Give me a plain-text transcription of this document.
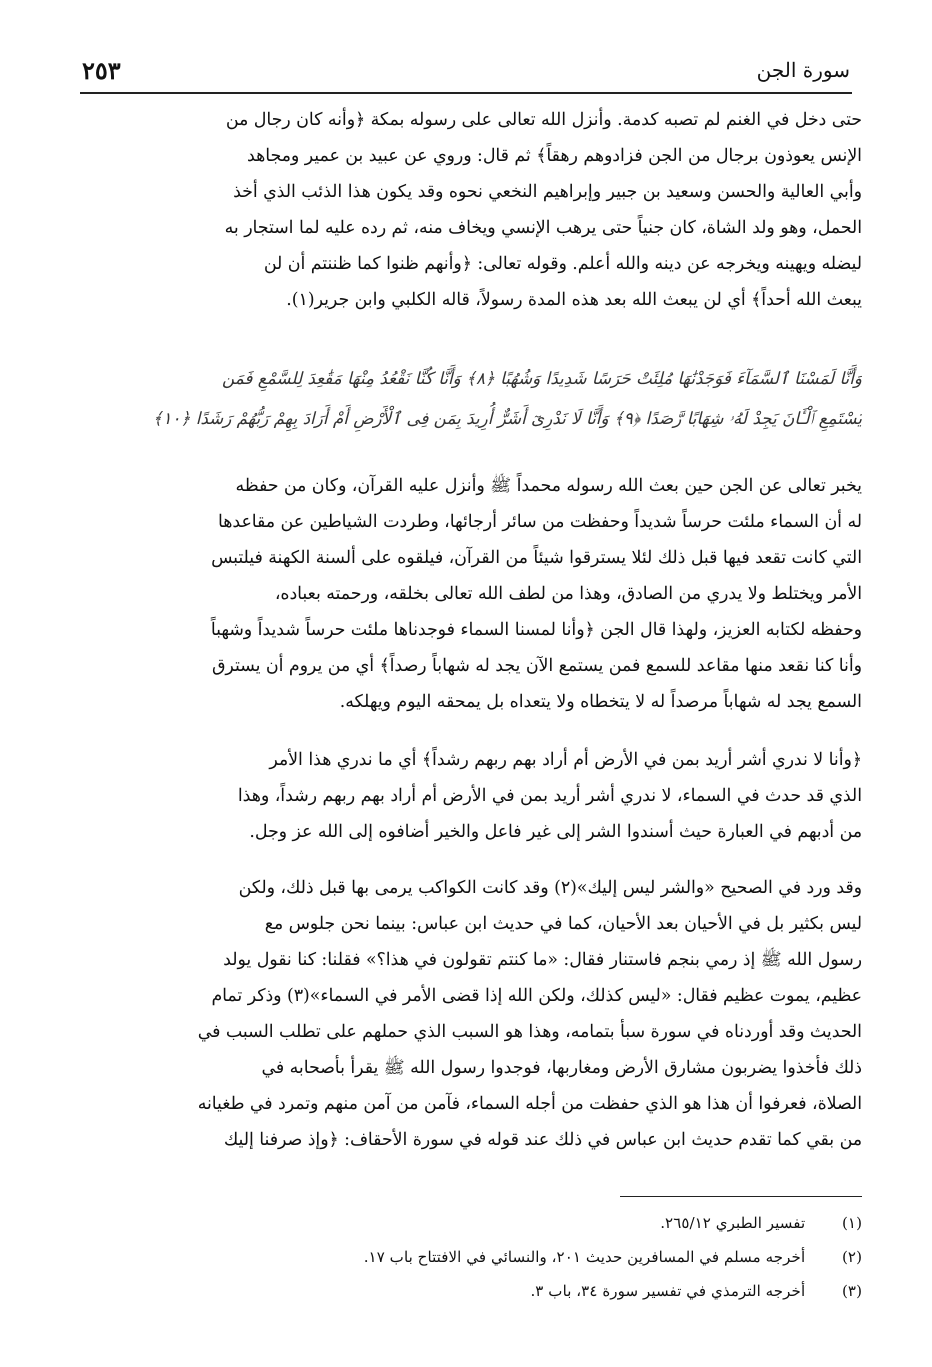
٢٥٣	سورة الجن
حتى دخل في الغنم لم تصبه كدمة. وأنزل الله تعالى على رسوله بمكة ﴿وأنه كان رجال من
الإنس يعوذون برجال من الجن فزادوهم رهقاً﴾ ثم قال: وروي عن عبيد بن عمير ومجاهد
وأبي العالية والحسن وسعيد بن جبير وإبراهيم النخعي نحوه وقد يكون هذا الذئب الذي أخذ
الحمل، وهو ولد الشاة، كان جنياً حتى يرهب الإنسي ويخاف منه، ثم رده عليه لما استجار به
ليضله ويهينه ويخرجه عن دينه والله أعلم. وقوله تعالى: ﴿وأنهم ظنوا كما ظننتم أن لن
يبعث الله أحداً﴾ أي لن يبعث الله بعد هذه المدة رسولاً، قاله الكلبي وابن جرير(١).
وَأَنَّا لَمَسْنَا ٱلسَّمَآءَ فَوَجَدْنَٰهَا مُلِئَتْ حَرَسًا شَدِيدًا وَشُهُبًا ﴿٨﴾ وَأَنَّا كُنَّا نَقْعُدُ مِنْهَا مَقَٰعِدَ لِلسَّمْعِ فَمَن
يَسْتَمِعِ ٱلْـَٔانَ يَجِدْ لَهُۥ شِهَابًا رَّصَدًا ﴿٩﴾ وَأَنَّا لَا نَدْرِىٓ أَشَرٌّ أُرِيدَ بِمَن فِى ٱلْأَرْضِ أَمْ أَرَادَ بِهِمْ رَبُّهُمْ رَشَدًا ﴿١٠﴾
يخبر تعالى عن الجن حين بعث الله رسوله محمداً ﷺ وأنزل عليه القرآن، وكان من حفظه
له أن السماء ملئت حرساً شديداً وحفظت من سائر أرجائها، وطردت الشياطين عن مقاعدها
التي كانت تقعد فيها قبل ذلك لئلا يسترقوا شيئاً من القرآن، فيلقوه على ألسنة الكهنة فيلتبس
الأمر ويختلط ولا يدري من الصادق، وهذا من لطف الله تعالى بخلقه، ورحمته بعباده،
وحفظه لكتابه العزيز، ولهذا قال الجن ﴿وأنا لمسنا السماء فوجدناها ملئت حرساً شديداً وشهباً
وأنا كنا نقعد منها مقاعد للسمع فمن يستمع الآن يجد له شهاباً رصداً﴾ أي من يروم أن يسترق
السمع يجد له شهاباً مرصداً له لا يتخطاه ولا يتعداه بل يمحقه اليوم ويهلكه.
﴿وأنا لا ندري أشر أريد بمن في الأرض أم أراد بهم ربهم رشداً﴾ أي ما ندري هذا الأمر
الذي قد حدث في السماء، لا ندري أشر أريد بمن في الأرض أم أراد بهم ربهم رشداً، وهذا
من أدبهم في العبارة حيث أسندوا الشر إلى غير فاعل والخير أضافوه إلى الله عز وجل.
وقد ورد في الصحيح «والشر ليس إليك»(٢) وقد كانت الكواكب يرمى بها قبل ذلك، ولكن
ليس بكثير بل في الأحيان بعد الأحيان، كما في حديث ابن عباس: بينما نحن جلوس مع
رسول الله ﷺ إذ رمي بنجم فاستنار فقال: «ما كنتم تقولون في هذا؟» فقلنا: كنا نقول يولد
عظيم، يموت عظيم فقال: «ليس كذلك، ولكن الله إذا قضى الأمر في السماء»(٣) وذكر تمام
الحديث وقد أوردناه في سورة سبأ بتمامه، وهذا هو السبب الذي حملهم على تطلب السبب في
ذلك فأخذوا يضربون مشارق الأرض ومغاربها، فوجدوا رسول الله ﷺ يقرأ بأصحابه في
الصلاة، فعرفوا أن هذا هو الذي حفظت من أجله السماء، فآمن من آمن منهم وتمرد في طغيانه
من بقي كما تقدم حديث ابن عباس في ذلك عند قوله في سورة الأحقاف: ﴿وإذ صرفنا إليك
(١) تفسير الطبري ٢٦٥/١٢.
(٢) أخرجه مسلم في المسافرين حديث ٢٠١، والنسائي في الافتتاح باب ١٧.
(٣) أخرجه الترمذي في تفسير سورة ٣٤، باب ٣.
